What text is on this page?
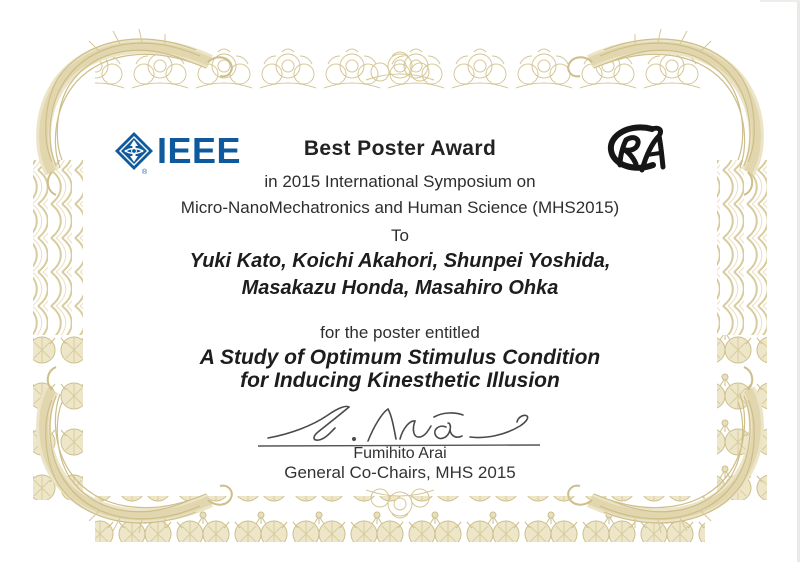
®
IEEE	Best Poster Award
in 2015 International Symposium on
Micro-NanoMechatronics and Human Science (MHS2015)
To
Yuki Kato, Koichi Akahori, Shunpei Yoshida,
Masakazu Honda, Masahiro Ohka
for the poster entitled
A Study of Optimum Stimulus Condition
for Inducing Kinesthetic Illusion
Fumihito Arai
General Co-Chairs, MHS 2015
